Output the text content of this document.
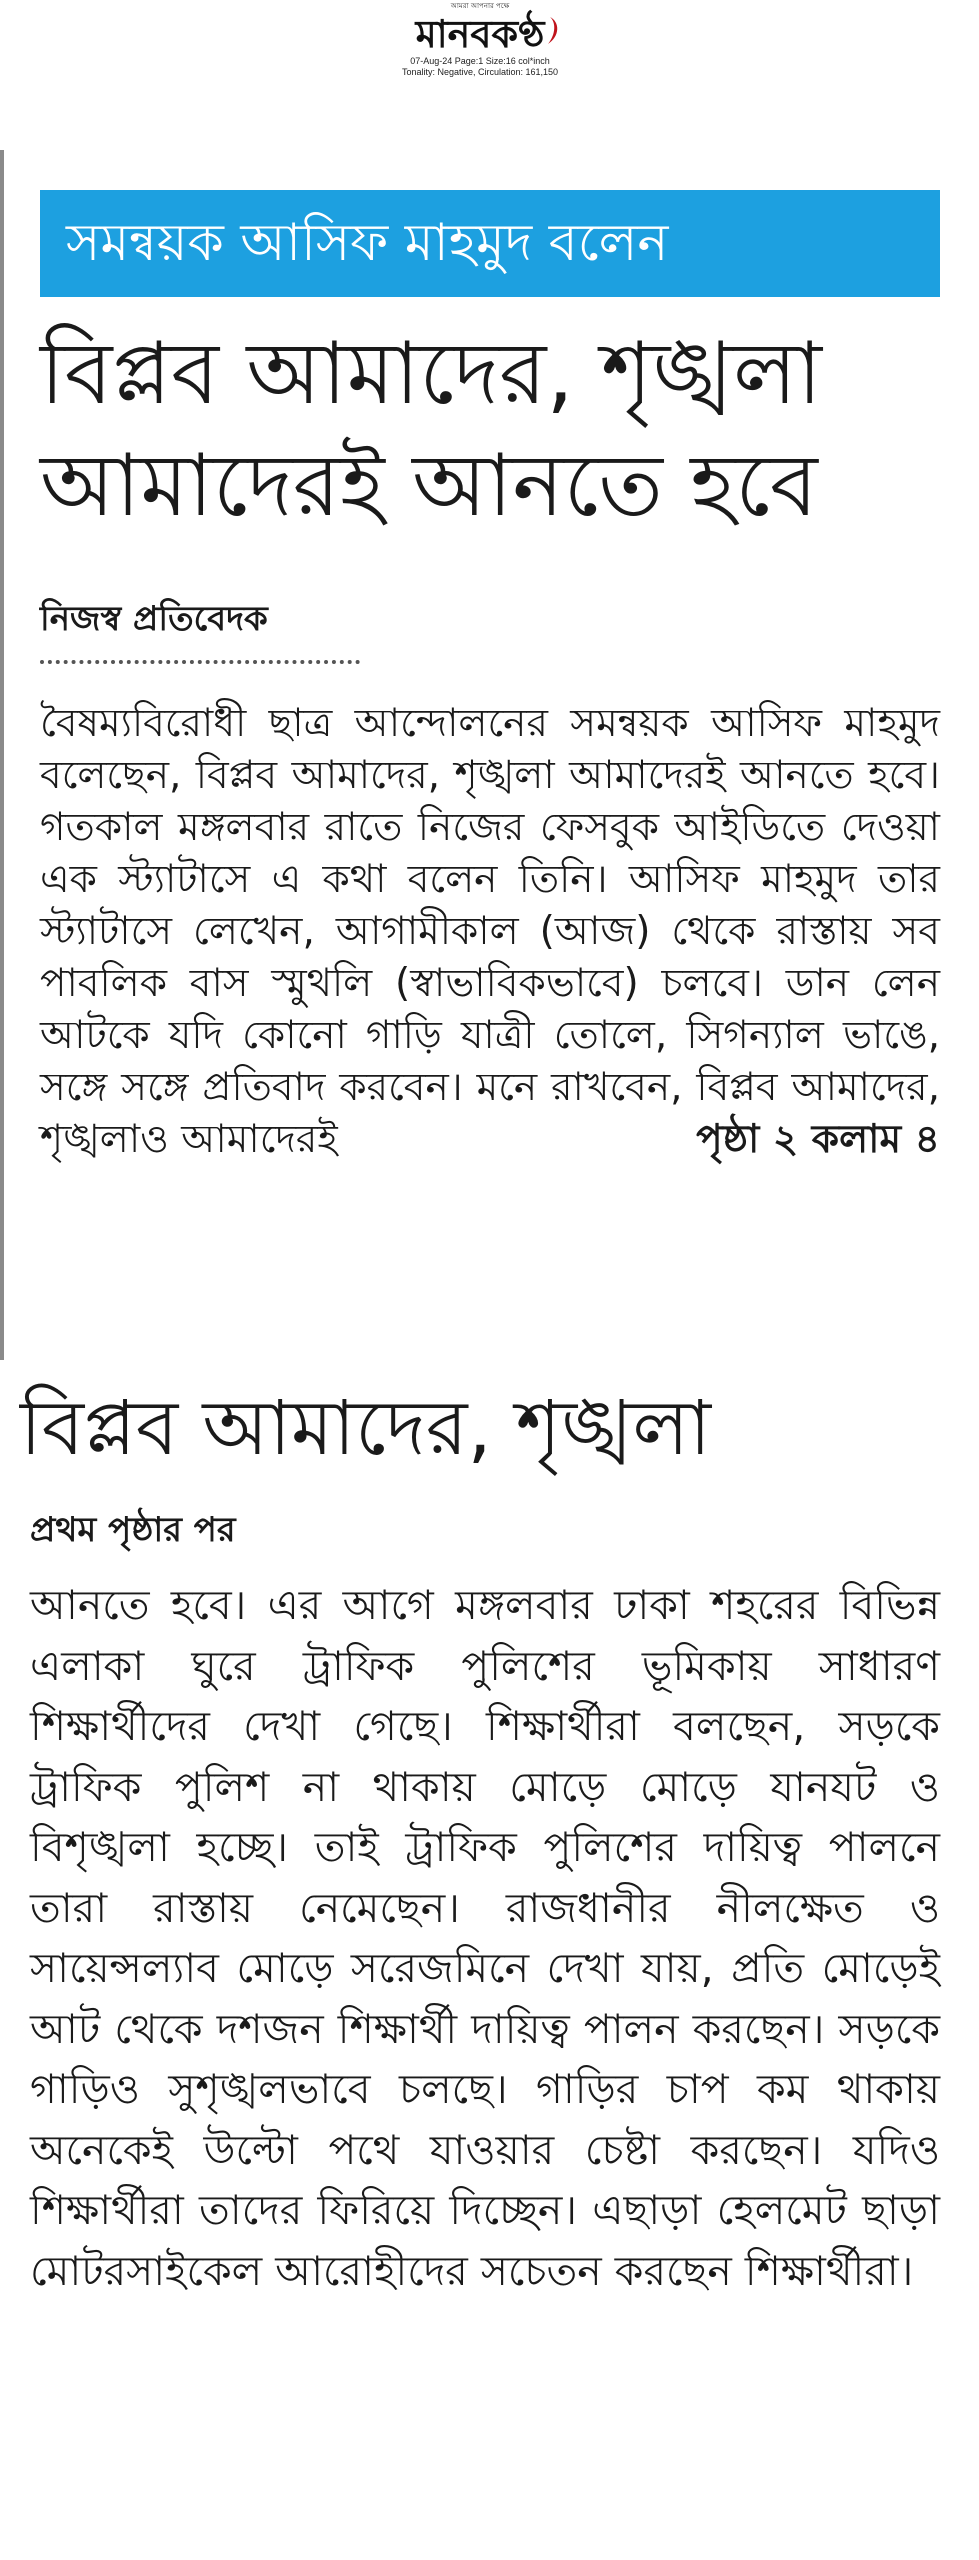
আমরা আপনার পক্ষে
মানবকণ্ঠ
07-Aug-24 Page:1 Size:16 col*inch
Tonality: Negative, Circulation: 161,150
সমন্বয়ক আসিফ মাহমুদ বলেন
বিপ্লব আমাদের, শৃঙ্খলা আমাদেরই আনতে হবে
নিজস্ব প্রতিবেদক

বৈষম্যবিরোধী ছাত্র আন্দোলনের সমন্বয়ক আসিফ মাহমুদ বলেছেন, বিপ্লব আমাদের, শৃঙ্খলা আমাদেরই আনতে হবে। গতকাল মঙ্গলবার রাতে নিজের ফেসবুক আইডিতে দেওয়া এক স্ট্যাটাসে এ কথা বলেন তিনি। আসিফ মাহমুদ তার স্ট্যাটাসে লেখেন, আগামীকাল (আজ) থেকে রাস্তায় সব পাবলিক বাস স্মুথলি (স্বাভাবিকভাবে) চলবে। ডান লেন আটকে যদি কোনো গাড়ি যাত্রী তোলে, সিগন্যাল ভাঙে, সঙ্গে সঙ্গে প্রতিবাদ করবেন। মনে রাখবেন, বিপ্লব আমাদের, শৃঙ্খলাও আমাদেরই	পৃষ্ঠা ২ কলাম ৪

বিপ্লব আমাদের, শৃঙ্খলা
প্রথম পৃষ্ঠার পর

আনতে হবে। এর আগে মঙ্গলবার ঢাকা শহরের বিভিন্ন এলাকা ঘুরে ট্রাফিক পুলিশের ভূমিকায় সাধারণ শিক্ষার্থীদের দেখা গেছে। শিক্ষার্থীরা বলছেন, সড়কে ট্রাফিক পুলিশ না থাকায় মোড়ে মোড়ে যানযট ও বিশৃঙ্খলা হচ্ছে। তাই ট্রাফিক পুলিশের দায়িত্ব পালনে তারা রাস্তায় নেমেছেন। রাজধানীর নীলক্ষেত ও সায়েন্সল্যাব মোড়ে সরেজমিনে দেখা যায়, প্রতি মোড়েই আট থেকে দশজন শিক্ষার্থী দায়িত্ব পালন করছেন। সড়কে গাড়িও সুশৃঙ্খলভাবে চলছে। গাড়ির চাপ কম থাকায় অনেকেই উল্টো পথে যাওয়ার চেষ্টা করছেন। যদিও শিক্ষার্থীরা তাদের ফিরিয়ে দিচ্ছেন। এছাড়া হেলমেট ছাড়া মোটরসাইকেল আরোহীদের সচেতন করছেন শিক্ষার্থীরা।
